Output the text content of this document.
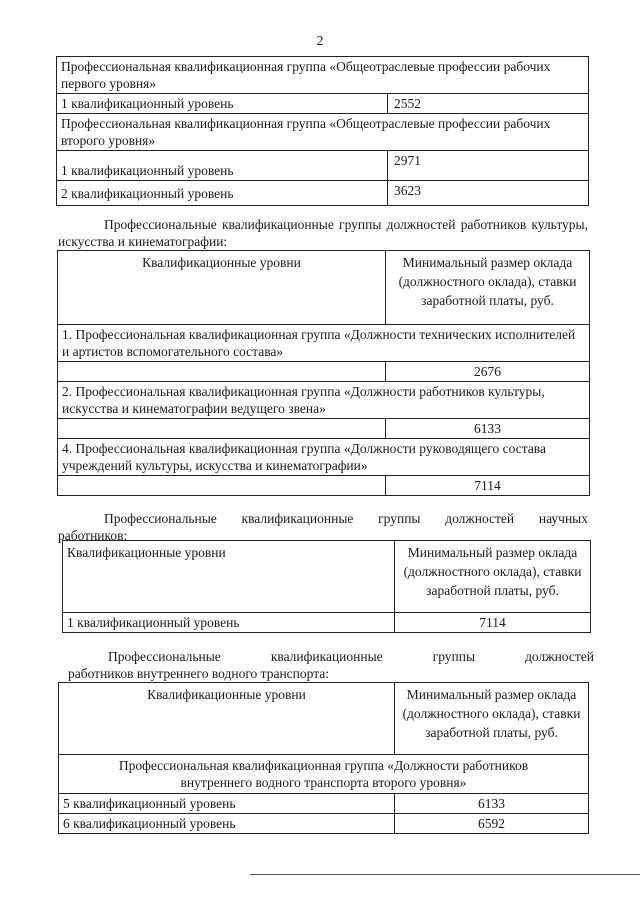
2
Профессиональная квалификационная группа «Общеотраслевые профессии рабочих первого уровня»	
1 квалификационный уровень	2552
Профессиональная квалификационная группа «Общеотраслевые профессии рабочих второго уровня»	
1 квалификационный уровень	2971
2 квалификационный уровень	3623
Профессиональные квалификационные группы должностей работников культуры, искусства и кинематографии:
Квалификационные уровни	Минимальный размер оклада (должностного оклада), ставки заработной платы, руб.
1. Профессиональная квалификационная группа «Должности технических исполнителей и артистов вспомогательного состава»	
	2676
2. Профессиональная квалификационная группа «Должности работников культуры, искусства и кинематографии ведущего звена»	
	6133
4. Профессиональная квалификационная группа «Должности руководящего состава учреждений культуры, искусства и кинематографии»	
	7114
Профессиональные квалификационные группы должностей научных
работников:
Квалификационные уровни	Минимальный размер оклада (должностного оклада), ставки заработной платы, руб.
1 квалификационный уровень	7114
Профессиональные	квалификационные	группы	должностей
работников внутреннего водного транспорта:
Квалификационные уровни	Минимальный размер оклада (должностного оклада), ставки заработной платы, руб.
Профессиональная квалификационная группа «Должности работников внутреннего водного транспорта второго уровня»	
5 квалификационный уровень	6133
6 квалификационный уровень	6592
